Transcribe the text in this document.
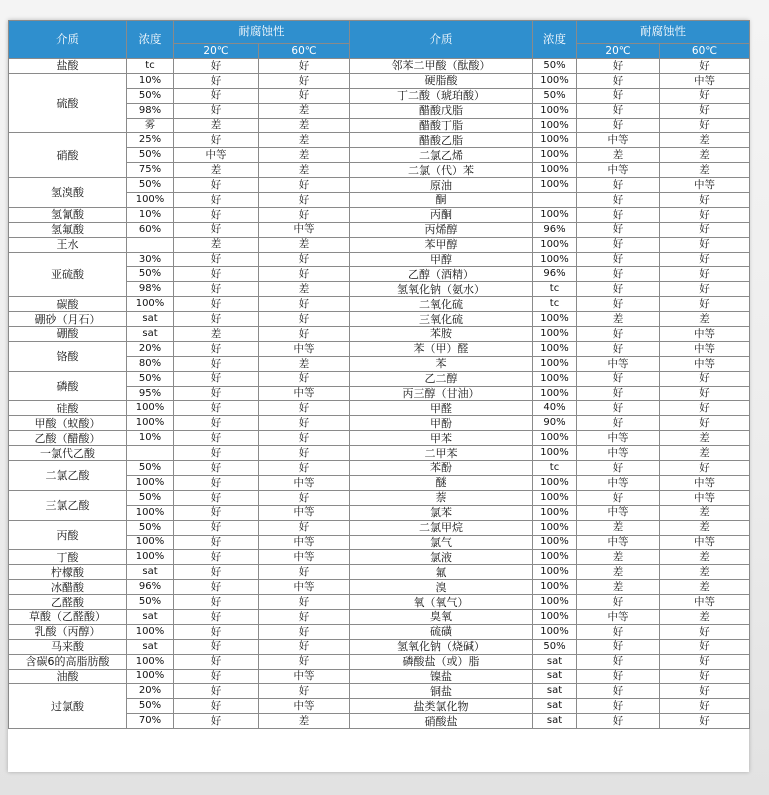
介质	浓度	耐腐蚀性		介质	浓度	耐腐蚀性	
		20℃	60℃			20℃	60℃
盐酸	tc	好	好	邻苯二甲酸（酞酸）	50%	好	好
硫酸	10%	好	好	硬脂酸	100%	好	中等
	50%	好	好	丁二酸（琥珀酸）	50%	好	好
	98%	好	差	醋酸戊脂	100%	好	好
	雾	差	差	醋酸丁脂	100%	好	好
硝酸	25%	好	差	醋酸乙脂	100%	中等	差
	50%	中等	差	二氯乙烯	100%	差	差
	75%	差	差	二氯（代）苯	100%	中等	差
氢溴酸	50%	好	好	原油	100%	好	中等
	100%	好	好	酮		好	好
氢氰酸	10%	好	好	丙酮	100%	好	好
氢氟酸	60%	好	中等	丙烯醇	96%	好	好
王水		差	差	苯甲醇	100%	好	好
亚硫酸	30%	好	好	甲醇	100%	好	好
	50%	好	好	乙醇（酒精）	96%	好	好
	98%	好	差	氢氧化钠（氨水）	tc	好	好
碳酸	100%	好	好	二氧化硫	tc	好	好
硼砂（月石）	sat	好	好	三氧化硫	100%	差	差
硼酸	sat	差	好	苯胺	100%	好	中等
铬酸	20%	好	中等	苯（甲）醛	100%	好	中等
	80%	好	差	苯	100%	中等	中等
磷酸	50%	好	好	乙二醇	100%	好	好
	95%	好	中等	丙三醇（甘油）	100%	好	好
硅酸	100%	好	好	甲醛	40%	好	好
甲酸（蚁酸）	100%	好	好	甲酚	90%	好	好
乙酸（醋酸）	10%	好	好	甲苯	100%	中等	差
一氯代乙酸		好	好	二甲苯	100%	中等	差
二氯乙酸	50%	好	好	苯酚	tc	好	好
	100%	好	中等	醚	100%	中等	中等
三氯乙酸	50%	好	好	萘	100%	好	中等
	100%	好	中等	氯苯	100%	中等	差
丙酸	50%	好	好	二氯甲烷	100%	差	差
	100%	好	中等	氯气	100%	中等	中等
丁酸	100%	好	中等	氯液	100%	差	差
柠檬酸	sat	好	好	氟	100%	差	差
冰醋酸	96%	好	中等	溴	100%	差	差
乙醛酸	50%	好	好	氧（氧气）	100%	好	中等
草酸（乙醛酸）	sat	好	好	臭氧	100%	中等	差
乳酸（丙醇）	100%	好	好	硫磺	100%	好	好
马来酸	sat	好	好	氢氧化钠（烧碱）	50%	好	好
含碳6的高脂肪酸	100%	好	好	磷酸盐（或）脂	sat	好	好
油酸	100%	好	中等	镍盐	sat	好	好
过氯酸	20%	好	好	铜盐	sat	好	好
	50%	好	中等	盐类氯化物	sat	好	好
	70%	好	差	硝酸盐	sat	好	好
